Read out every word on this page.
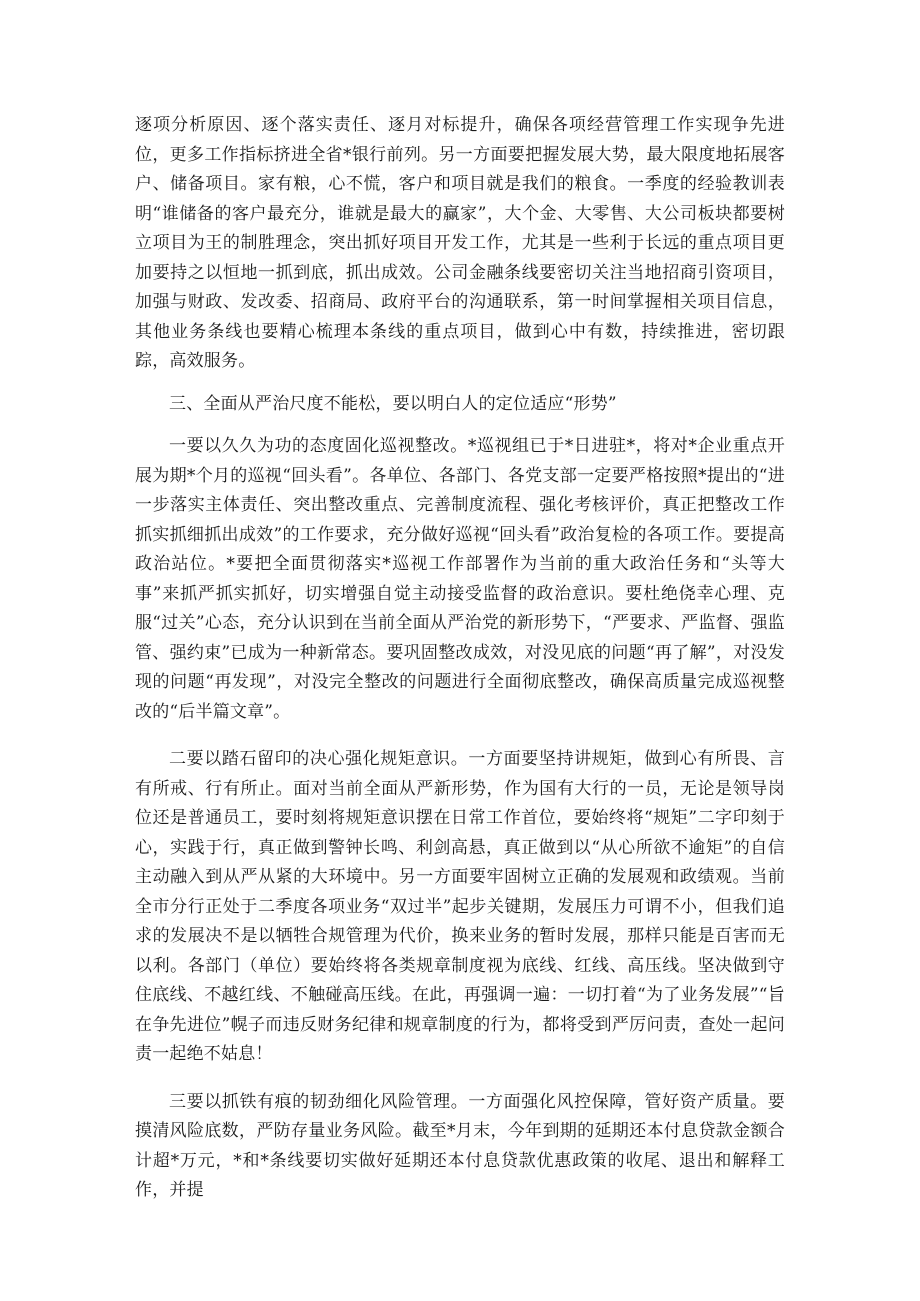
逐项分析原因、逐个落实责任、逐月对标提升，确保各项经营管理工作实现争先进位，更多工作指标挤进全省*银行前列。另一方面要把握发展大势，最大限度地拓展客户、储备项目。家有粮，心不慌，客户和项目就是我们的粮食。一季度的经验教训表明“谁储备的客户最充分，谁就是最大的赢家”，大个金、大零售、大公司板块都要树立项目为王的制胜理念，突出抓好项目开发工作，尤其是一些利于长远的重点项目更加要持之以恒地一抓到底，抓出成效。公司金融条线要密切关注当地招商引资项目，加强与财政、发改委、招商局、政府平台的沟通联系，第一时间掌握相关项目信息，其他业务条线也要精心梳理本条线的重点项目，做到心中有数，持续推进，密切跟踪，高效服务。

三、全面从严治尺度不能松，要以明白人的定位适应“形势”

一要以久久为功的态度固化巡视整改。*巡视组已于*日进驻*，将对*企业重点开展为期*个月的巡视“回头看”。各单位、各部门、各党支部一定要严格按照*提出的“进一步落实主体责任、突出整改重点、完善制度流程、强化考核评价，真正把整改工作抓实抓细抓出成效”的工作要求，充分做好巡视“回头看”政治复检的各项工作。要提高政治站位。*要把全面贯彻落实*巡视工作部署作为当前的重大政治任务和“头等大事”来抓严抓实抓好，切实增强自觉主动接受监督的政治意识。要杜绝侥幸心理、克服“过关”心态，充分认识到在当前全面从严治党的新形势下，“严要求、严监督、强监管、强约束”已成为一种新常态。要巩固整改成效，对没见底的问题“再了解”，对没发现的问题“再发现”，对没完全整改的问题进行全面彻底整改，确保高质量完成巡视整改的“后半篇文章”。

二要以踏石留印的决心强化规矩意识。一方面要坚持讲规矩，做到心有所畏、言有所戒、行有所止。面对当前全面从严新形势，作为国有大行的一员，无论是领导岗位还是普通员工，要时刻将规矩意识摆在日常工作首位，要始终将“规矩”二字印刻于心，实践于行，真正做到警钟长鸣、利剑高悬，真正做到以“从心所欲不逾矩”的自信主动融入到从严从紧的大环境中。另一方面要牢固树立正确的发展观和政绩观。当前全市分行正处于二季度各项业务“双过半”起步关键期，发展压力可谓不小，但我们追求的发展决不是以牺牲合规管理为代价，换来业务的暂时发展，那样只能是百害而无以利。各部门（单位）要始终将各类规章制度视为底线、红线、高压线。坚决做到守住底线、不越红线、不触碰高压线。在此，再强调一遍：一切打着“为了业务发展”“旨在争先进位”幌子而违反财务纪律和规章制度的行为，都将受到严厉问责，查处一起问责一起绝不姑息！

三要以抓铁有痕的韧劲细化风险管理。一方面强化风控保障，管好资产质量。要摸清风险底数，严防存量业务风险。截至*月末，今年到期的延期还本付息贷款金额合计超*万元，*和*条线要切实做好延期还本付息贷款优惠政策的收尾、退出和解释工作，并提
